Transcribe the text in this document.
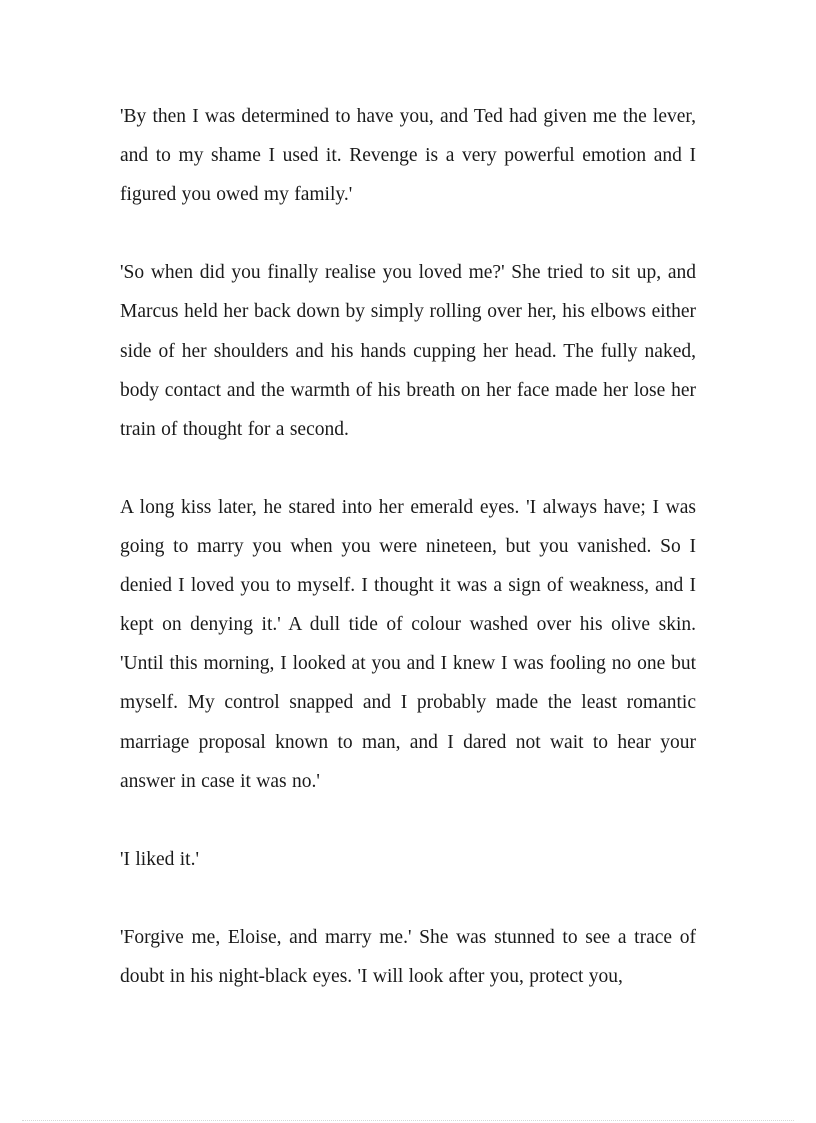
'By then I was determined to have you, and Ted had given me the lever, and to my shame I used it. Revenge is a very powerful emotion and I figured you owed my family.'

'So when did you finally realise you loved me?' She tried to sit up, and Marcus held her back down by simply rolling over her, his elbows either side of her shoulders and his hands cupping her head. The fully naked, body contact and the warmth of his breath on her face made her lose her train of thought for a second.

A long kiss later, he stared into her emerald eyes. 'I always have; I was going to marry you when you were nineteen, but you vanished. So I denied I loved you to myself. I thought it was a sign of weakness, and I kept on denying it.' A dull tide of colour washed over his olive skin. 'Until this morning, I looked at you and I knew I was fooling no one but myself. My control snapped and I probably made the least romantic marriage proposal known to man, and I dared not wait to hear your answer in case it was no.'

'I liked it.'

'Forgive me, Eloise, and marry me.' She was stunned to see a trace of doubt in his night-black eyes. 'I will look after you, protect you,
